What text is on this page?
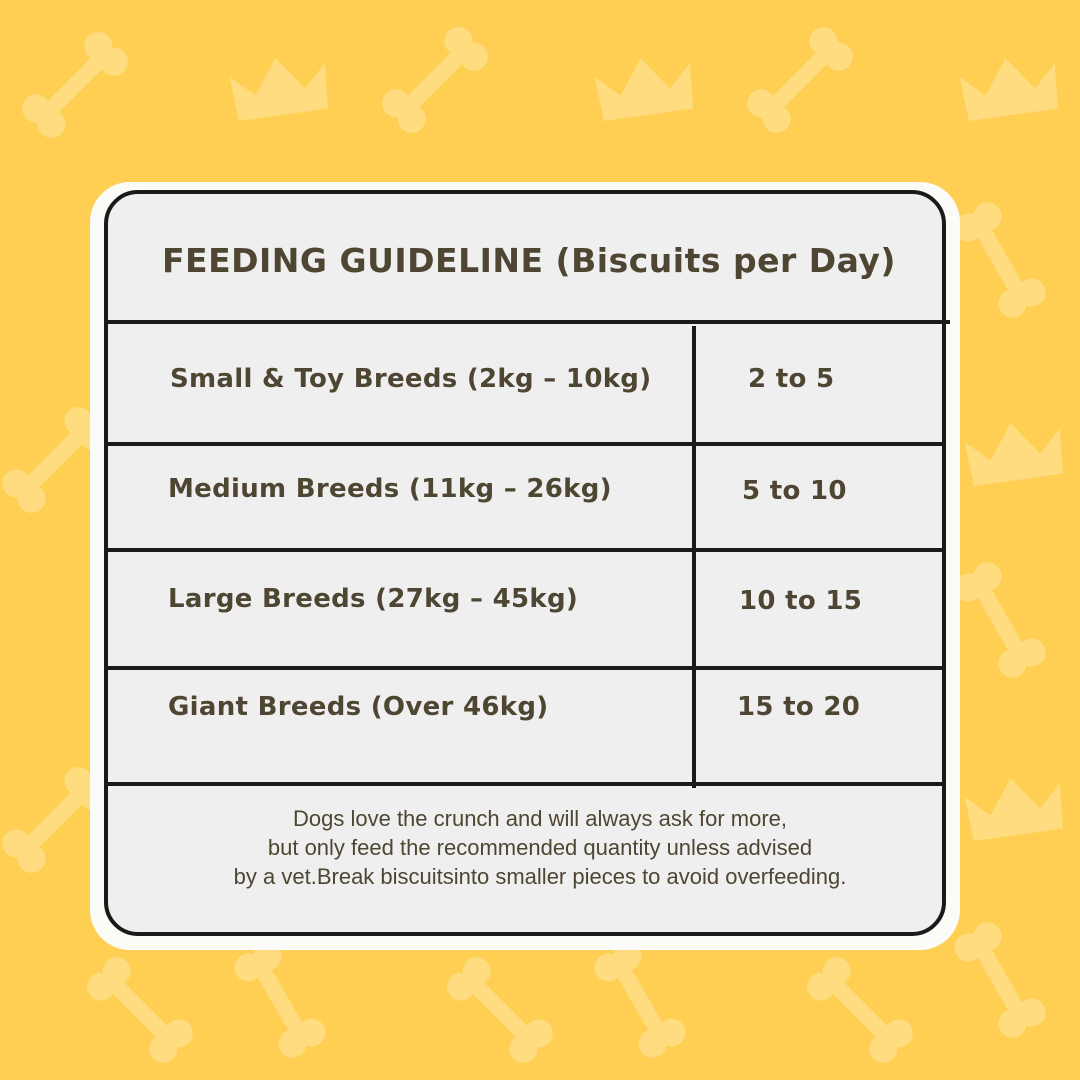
FEEDING GUIDELINE (Biscuits per Day)
Small & Toy Breeds (2kg – 10kg)	2 to 5
Medium Breeds (11kg – 26kg)	5 to 10
Large Breeds (27kg – 45kg)	10 to 15
Giant Breeds (Over 46kg)	15 to 20
Dogs love the crunch and will always ask for more,
but only feed the recommended quantity unless advised
by a vet.Break biscuitsinto smaller pieces to avoid overfeeding.
